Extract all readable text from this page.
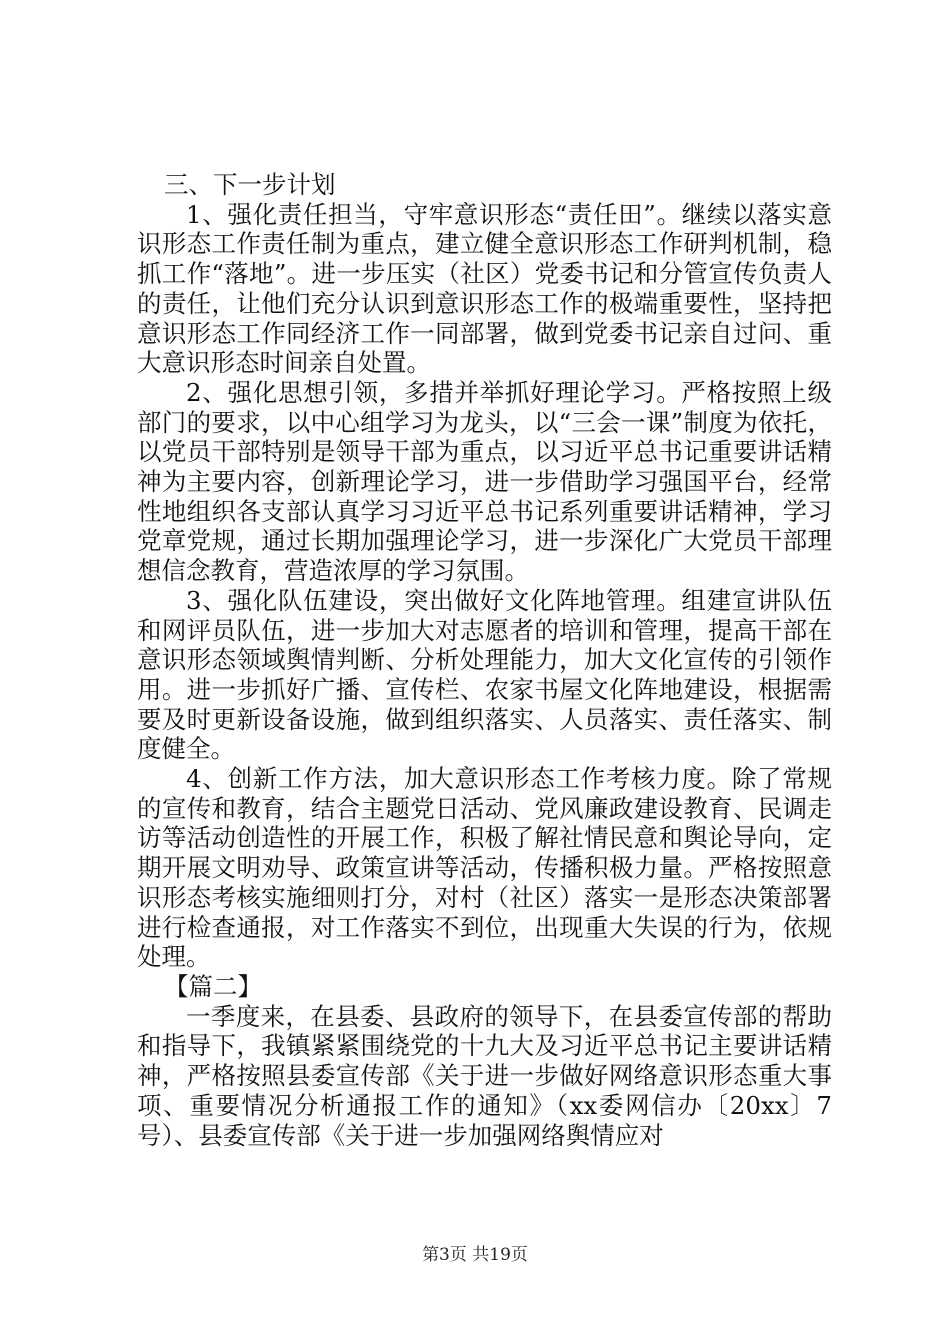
三、下一步计划

1、强化责任担当，守牢意识形态“责任田”。继续以落实意识形态工作责任制为重点，建立健全意识形态工作研判机制，稳抓工作“落地”。进一步压实（社区）党委书记和分管宣传负责人的责任，让他们充分认识到意识形态工作的极端重要性，坚持把意识形态工作同经济工作一同部署，做到党委书记亲自过问、重大意识形态时间亲自处置。

2、强化思想引领，多措并举抓好理论学习。严格按照上级部门的要求，以中心组学习为龙头，以“三会一课”制度为依托，以党员干部特别是领导干部为重点，以习近平总书记重要讲话精神为主要内容，创新理论学习，进一步借助学习强国平台，经常性地组织各支部认真学习习近平总书记系列重要讲话精神，学习党章党规，通过长期加强理论学习，进一步深化广大党员干部理想信念教育，营造浓厚的学习氛围。

3、强化队伍建设，突出做好文化阵地管理。组建宣讲队伍和网评员队伍，进一步加大对志愿者的培训和管理，提高干部在意识形态领域舆情判断、分析处理能力，加大文化宣传的引领作用。进一步抓好广播、宣传栏、农家书屋文化阵地建设，根据需要及时更新设备设施，做到组织落实、人员落实、责任落实、制度健全。

4、创新工作方法，加大意识形态工作考核力度。除了常规的宣传和教育，结合主题党日活动、党风廉政建设教育、民调走访等活动创造性的开展工作，积极了解社情民意和舆论导向，定期开展文明劝导、政策宣讲等活动，传播积极力量。严格按照意识形态考核实施细则打分，对村（社区）落实一是形态决策部署进行检查通报，对工作落实不到位，出现重大失误的行为，依规处理。

【篇二】

一季度来，在县委、县政府的领导下，在县委宣传部的帮助和指导下，我镇紧紧围绕党的十九大及习近平总书记主要讲话精神，严格按照县委宣传部《关于进一步做好网络意识形态重大事项、重要情况分析通报工作的通知》（xx委网信办〔20xx〕7号）、县委宣传部《关于进一步加强网络舆情应对

第3页 共19页
